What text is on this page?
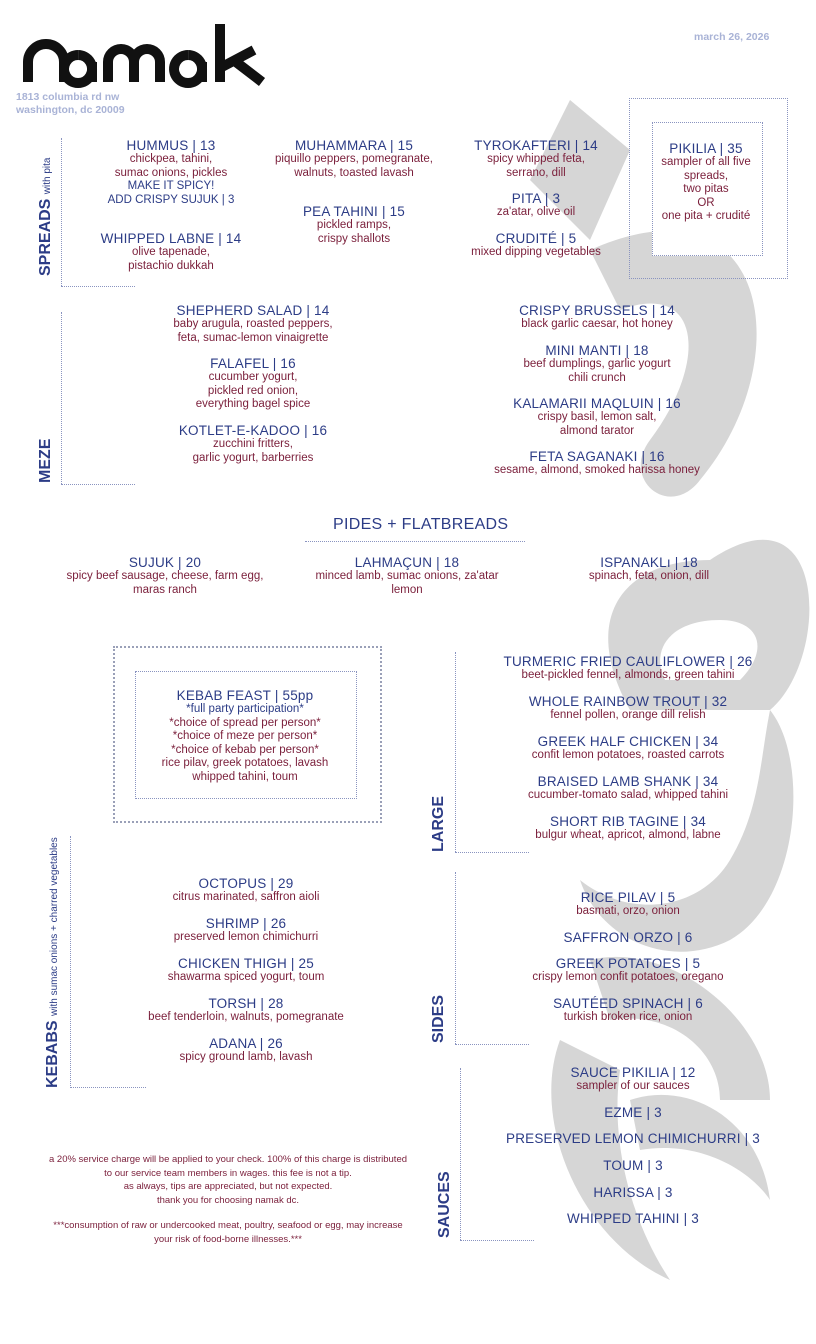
1813 columbia rd nw
washington, dc 20009
march 26, 2026
SPREADS with pita
HUMMUS | 13
chickpea, tahini,
sumac onions, pickles
MAKE IT SPICY!
ADD CRISPY SUJUK | 3
MUHAMMARA | 15
piquillo peppers, pomegranate,
walnuts, toasted lavash
TYROKAFTERI | 14
spicy whipped feta,
serrano, dill
PEA TAHINI | 15
pickled ramps,
crispy shallots
PITA | 3
za'atar, olive oil
WHIPPED LABNE | 14
olive tapenade,
pistachio dukkah
CRUDITÉ | 5
mixed dipping vegetables
PIKILIA | 35
sampler of all five
spreads,
two pitas
OR
one pita + crudité
MEZE
SHEPHERD SALAD | 14
baby arugula, roasted peppers,
feta, sumac-lemon vinaigrette
FALAFEL | 16
cucumber yogurt,
pickled red onion,
everything bagel spice
KOTLET-E-KADOO | 16
zucchini fritters,
garlic yogurt, barberries
CRISPY BRUSSELS | 14
black garlic caesar, hot honey
MINI MANTI | 18
beef dumplings, garlic yogurt
chili crunch
KALAMARII MAQLUIN | 16
crispy basil, lemon salt,
almond tarator
FETA SAGANAKI | 16
sesame, almond, smoked harissa honey
PIDES + FLATBREADS
SUJUK | 20
spicy beef sausage, cheese, farm egg,
maras ranch
LAHMAÇUN | 18
minced lamb, sumac onions, za'atar
lemon
ISPANAKLı | 18
spinach, feta, onion, dill
KEBAB FEAST | 55pp
*full party participation*
*choice of spread per person*
*choice of meze per person*
*choice of kebab per person*
rice pilav, greek potatoes, lavash
whipped tahini, toum
LARGE
TURMERIC FRIED CAULIFLOWER | 26
beet-pickled fennel, almonds, green tahini
WHOLE RAINBOW TROUT | 32
fennel pollen, orange dill relish
GREEK HALF CHICKEN | 34
confit lemon potatoes, roasted carrots
BRAISED LAMB SHANK | 34
cucumber-tomato salad, whipped tahini
SHORT RIB TAGINE | 34
bulgur wheat, apricot, almond, labne
KEBABS with sumac onions + charred vegetables	OCTOPUS | 29
citrus marinated, saffron aioli
SHRIMP | 26
preserved lemon chimichurri
CHICKEN THIGH | 25
shawarma spiced yogurt, toum
TORSH | 28
beef tenderloin, walnuts, pomegranate
ADANA | 26
spicy ground lamb, lavash
SIDES
RICE PILAV | 5
basmati, orzo, onion
SAFFRON ORZO | 6
GREEK POTATOES | 5
crispy lemon confit potatoes, oregano
SAUTÉED SPINACH | 6
turkish broken rice, onion
SAUCES
SAUCE PIKILIA | 12
sampler of our sauces
EZME | 3
PRESERVED LEMON CHIMICHURRI | 3
TOUM | 3
HARISSA | 3
WHIPPED TAHINI | 3
a 20% service charge will be applied to your check. 100% of this charge is distributed
to our service team members in wages. this fee is not a tip.
as always, tips are appreciated, but not expected.
thank you for choosing namak dc.
***consumption of raw or undercooked meat, poultry, seafood or egg, may increase
your risk of food-borne illnesses.***
